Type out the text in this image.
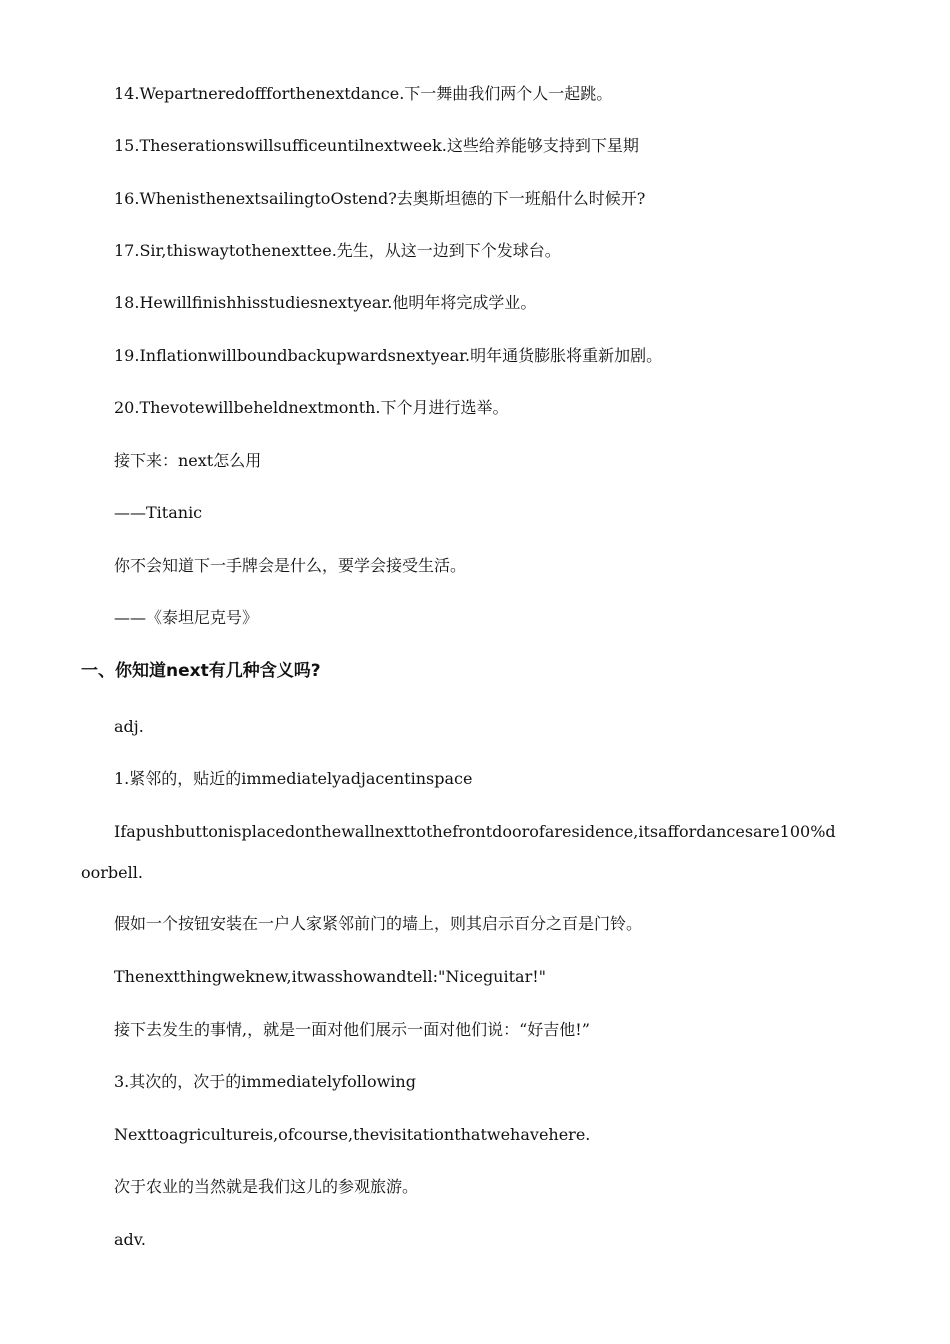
14.Wepartneredoffforthenextdance.下一舞曲我们两个人一起跳。
15.Theserationswillsufficeuntilnextweek.这些给养能够支持到下星期
16.WhenisthenextsailingtoOstend?去奥斯坦德的下一班船什么时候开?
17.Sir,thiswaytothenexttee.先生，从这一边到下个发球台。
18.Hewillfinishhisstudiesnextyear.他明年将完成学业。
19.Inflationwillboundbackupwardsnextyear.明年通货膨胀将重新加剧。
20.Thevotewillbeheldnextmonth.下个月进行选举。
接下来：next怎么用
——Titanic
你不会知道下一手牌会是什么，要学会接受生活。
——《泰坦尼克号》
一、你知道next有几种含义吗?
adj.
1.紧邻的，贴近的immediatelyadjacentinspace
Ifapushbuttonisplacedonthewallnexttothefrontdoorofaresidence,itsaffordancesare100%d
oorbell.
假如一个按钮安装在一户人家紧邻前门的墙上，则其启示百分之百是门铃。
Thenextthingweknew,itwasshowandtell:"Niceguitar!"
接下去发生的事情,，就是一面对他们展示一面对他们说：“好吉他!”
3.其次的，次于的immediatelyfollowing
Nexttoagricultureis,ofcourse,thevisitationthatwehavehere.
次于农业的当然就是我们这儿的参观旅游。
adv.
